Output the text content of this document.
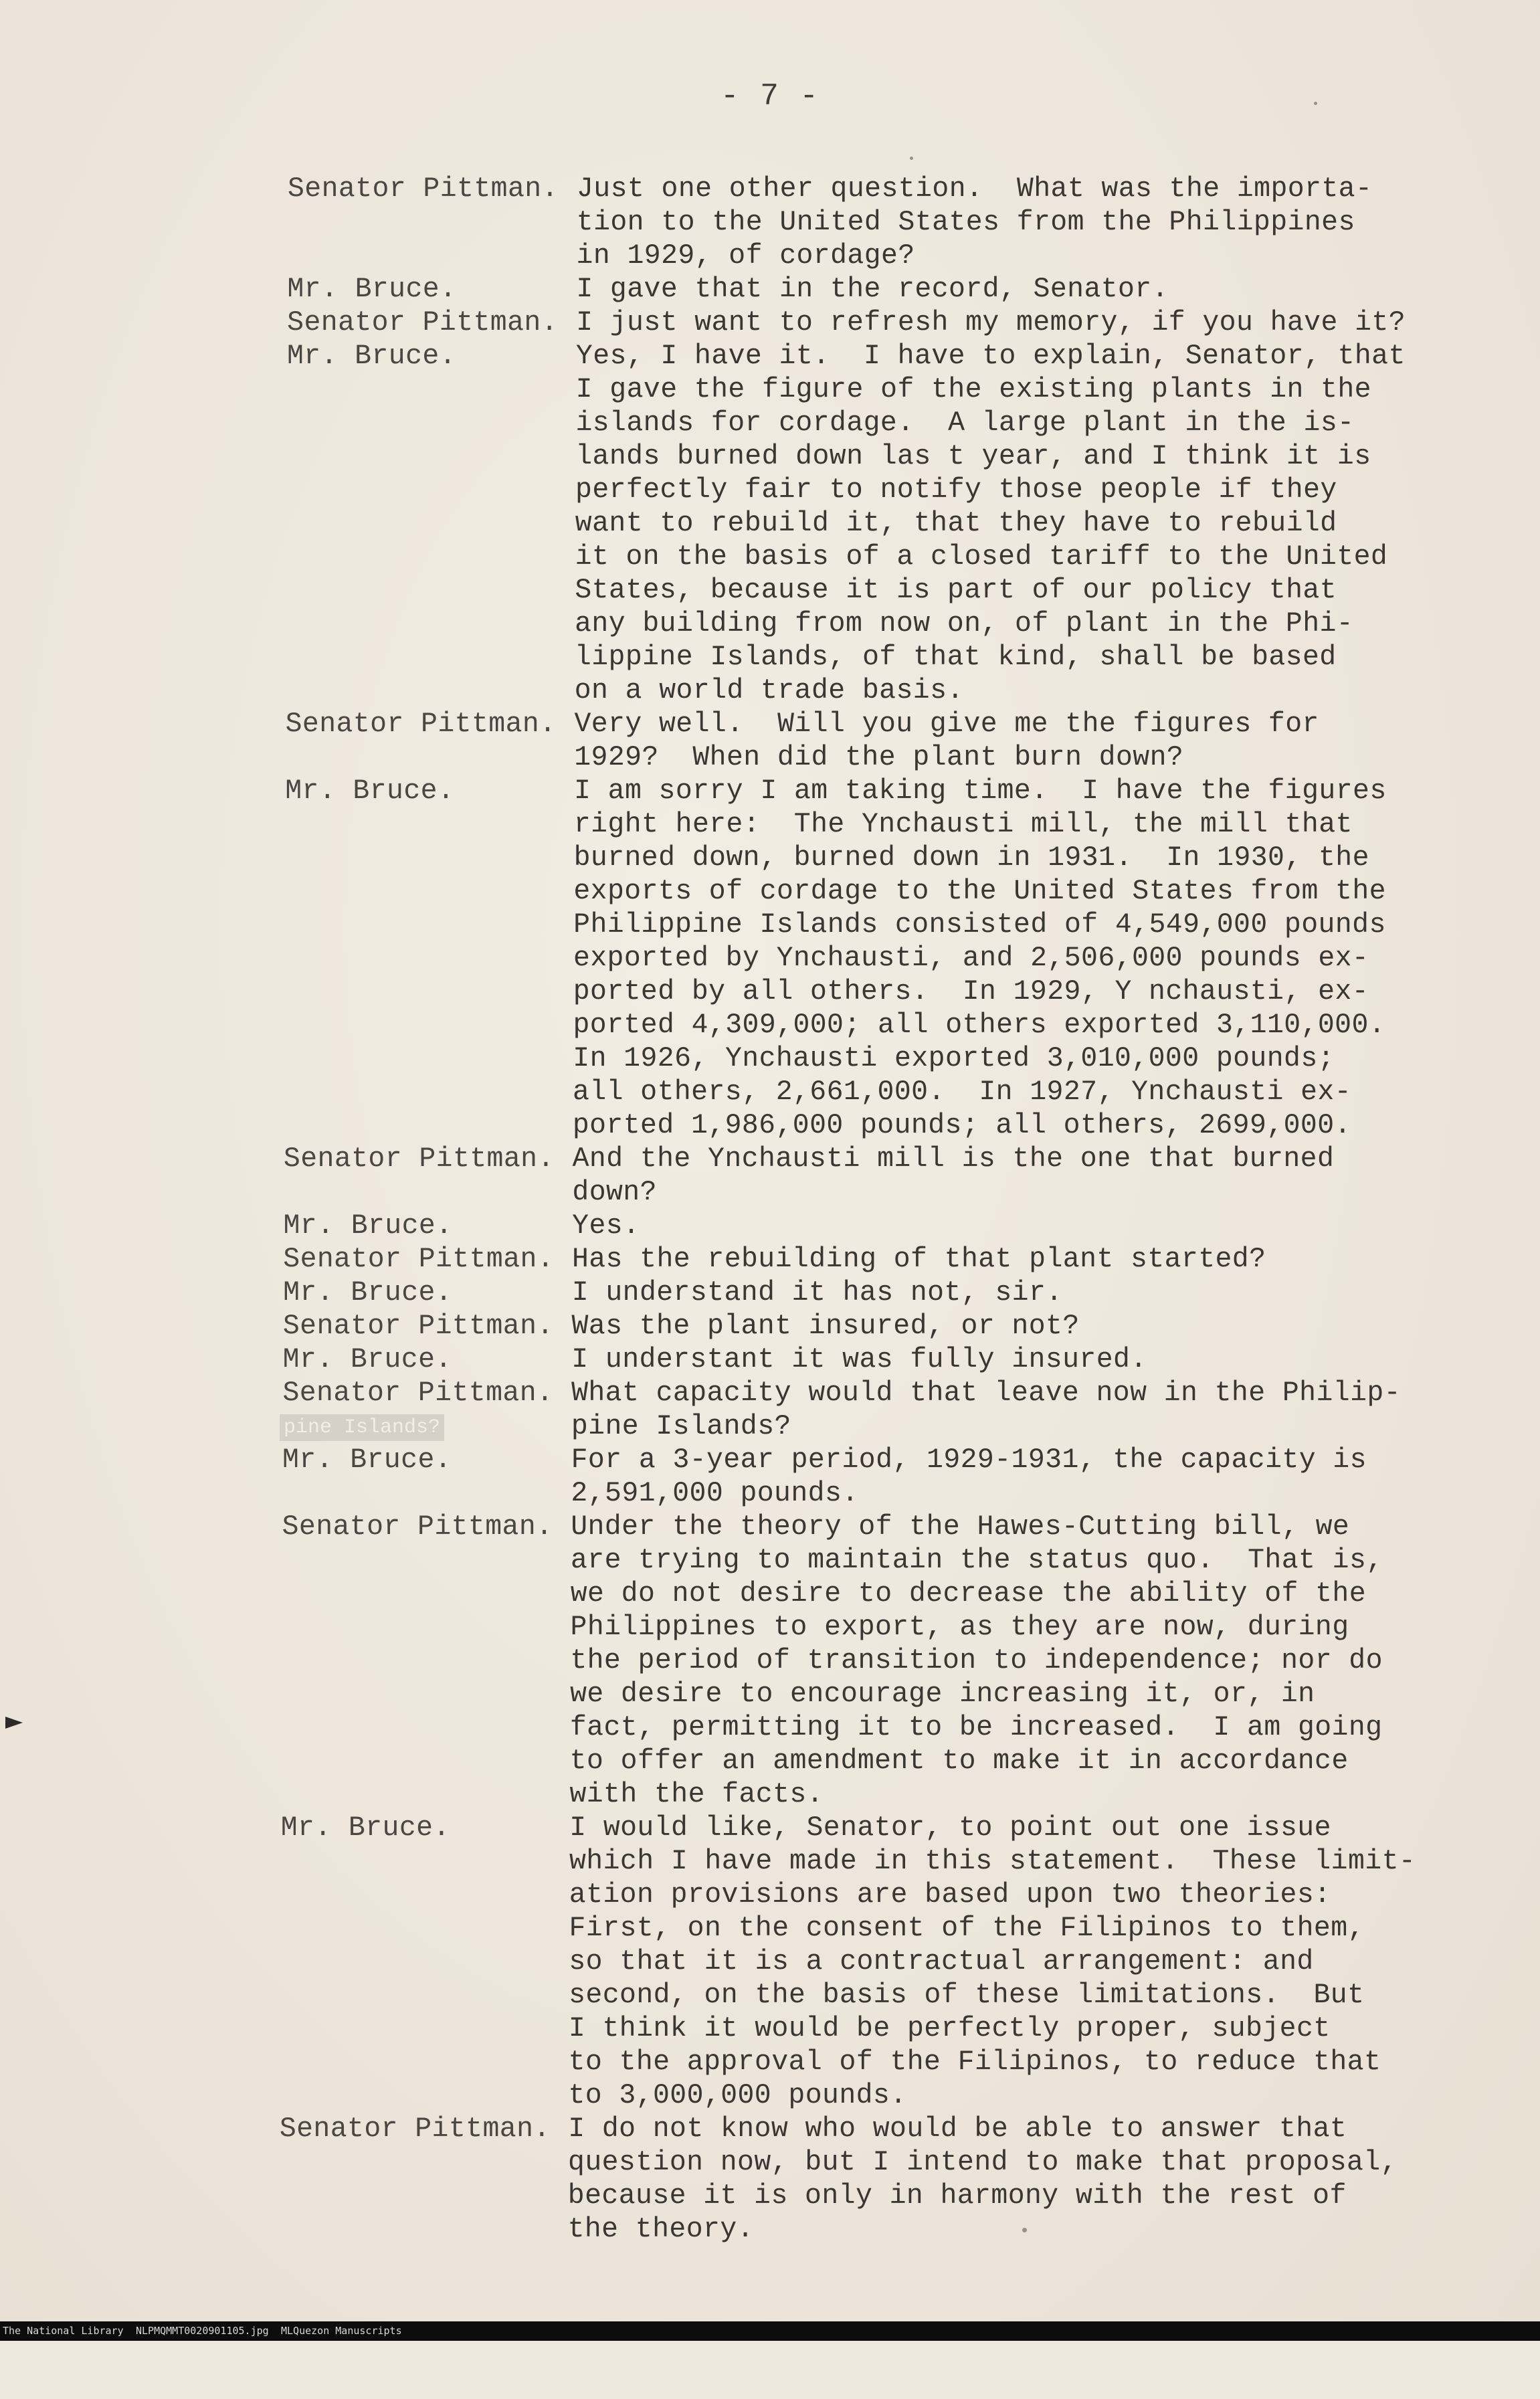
- 7 -
Senator Pittman. Just one other question.  What was the importa-
tion to the United States from the Philippines
in 1929, of cordage?
Mr. Bruce.	I gave that in the record, Senator.
Senator Pittman. I just want to refresh my memory, if you have it?
Mr. Bruce.	Yes, I have it.  I have to explain, Senator, that
I gave the figure of the existing plants in the
islands for cordage.  A large plant in the is-
lands burned down las t year, and I think it is
perfectly fair to notify those people if they
want to rebuild it, that they have to rebuild
it on the basis of a closed tariff to the United
States, because it is part of our policy that
any building from now on, of plant in the Phi-
lippine Islands, of that kind, shall be based
on a world trade basis.
Senator Pittman. Very well.  Will you give me the figures for
1929?  When did the plant burn down?
Mr. Bruce.	I am sorry I am taking time.  I have the figures
right here:  The Ynchausti mill, the mill that
burned down, burned down in 1931.  In 1930, the
exports of cordage to the United States from the
Philippine Islands consisted of 4,549,000 pounds
exported by Ynchausti, and 2,506,000 pounds ex-
ported by all others.  In 1929, Y nchausti, ex-
ported 4,309,000; all others exported 3,110,000.
In 1926, Ynchausti exported 3,010,000 pounds;
all others, 2,661,000.  In 1927, Ynchausti ex-
ported 1,986,000 pounds; all others, 2699,000.
Senator Pittman. And the Ynchausti mill is the one that burned
down?
Mr. Bruce.	Yes.
Senator Pittman. Has the rebuilding of that plant started?
Mr. Bruce.	I understand it has not, sir.
Senator Pittman. Was the plant insured, or not?
Mr. Bruce.	I understant it was fully insured.
Senator Pittman. What capacity would that leave now in the Philip-
pine Islands?
Mr. Bruce.	For a 3-year period, 1929-1931, the capacity is
2,591,000 pounds.
Senator Pittman. Under the theory of the Hawes-Cutting bill, we
are trying to maintain the status quo.  That is,
we do not desire to decrease the ability of the
Philippines to export, as they are now, during
the period of transition to independence; nor do
we desire to encourage increasing it, or, in
fact, permitting it to be increased.  I am going
to offer an amendment to make it in accordance
with the facts.
Mr. Bruce.	I would like, Senator, to point out one issue
which I have made in this statement.  These limit-
ation provisions are based upon two theories:
First, on the consent of the Filipinos to them,
so that it is a contractual arrangement: and
second, on the basis of these limitations.  But
I think it would be perfectly proper, subject
to the approval of the Filipinos, to reduce that
to 3,000,000 pounds.
Senator Pittman. I do not know who would be able to answer that
question now, but I intend to make that proposal,
because it is only in harmony with the rest of
the theory.
pine Islands?

The National Library

NLPMQMMT0020901105.jpg

MLQuezon Manuscripts
